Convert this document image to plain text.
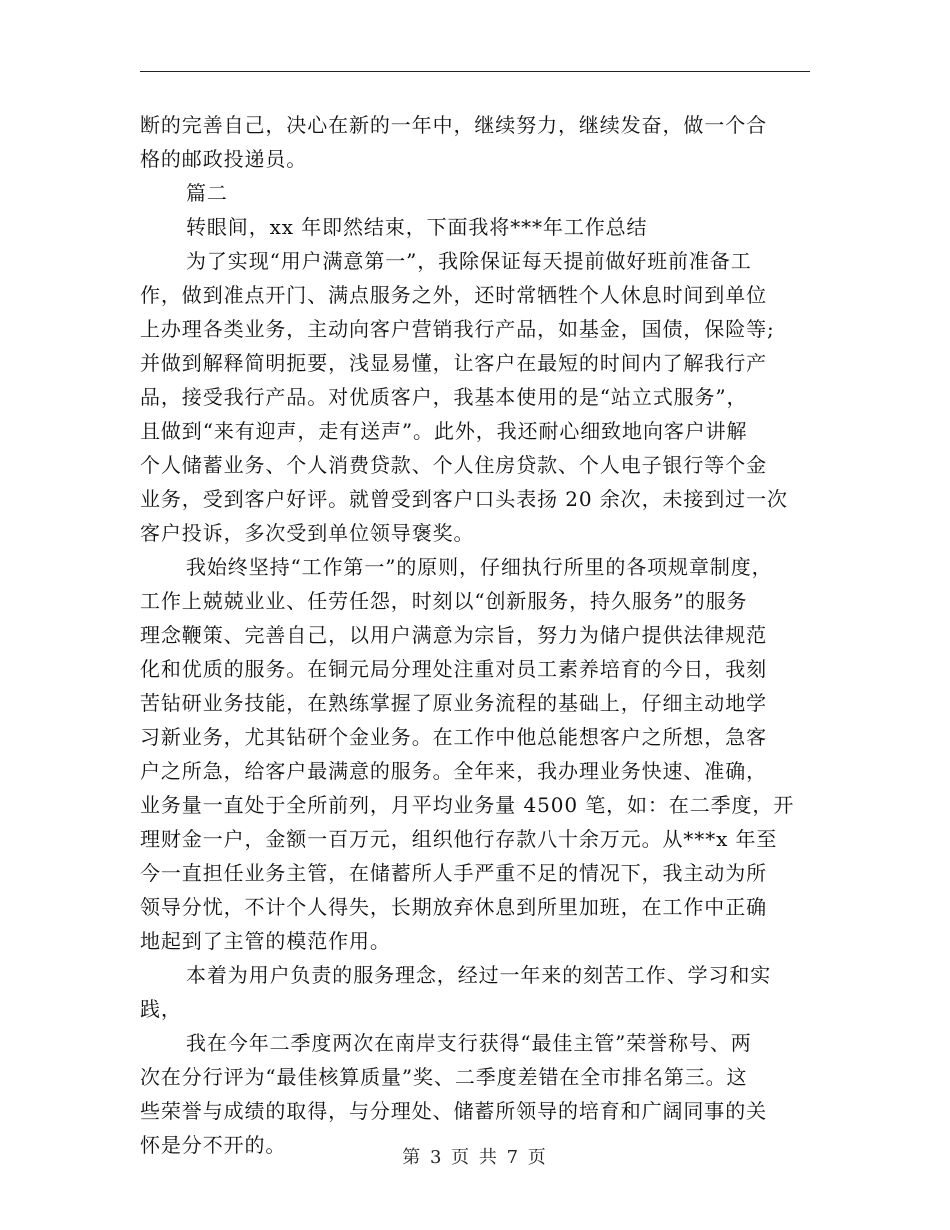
断的完善自己，决心在新的一年中，继续努力，继续发奋，做一个合
格的邮政投递员。
篇二
转眼间，xx 年即然结束，下面我将***年工作总结
为了实现“用户满意第一”，我除保证每天提前做好班前准备工
作，做到准点开门、满点服务之外，还时常牺牲个人休息时间到单位
上办理各类业务，主动向客户营销我行产品，如基金，国债，保险等;
并做到解释简明扼要，浅显易懂，让客户在最短的时间内了解我行产
品，接受我行产品。对优质客户，我基本使用的是“站立式服务”，
且做到“来有迎声，走有送声”。此外，我还耐心细致地向客户讲解
个人储蓄业务、个人消费贷款、个人住房贷款、个人电子银行等个金
业务，受到客户好评。就曾受到客户口头表扬 20 余次，未接到过一次
客户投诉，多次受到单位领导褒奖。
我始终坚持“工作第一”的原则，仔细执行所里的各项规章制度，
工作上兢兢业业、任劳任怨，时刻以“创新服务，持久服务”的服务
理念鞭策、完善自己，以用户满意为宗旨，努力为储户提供法律规范
化和优质的服务。在铜元局分理处注重对员工素养培育的今日，我刻
苦钻研业务技能，在熟练掌握了原业务流程的基础上，仔细主动地学
习新业务，尤其钻研个金业务。在工作中他总能想客户之所想，急客
户之所急，给客户最满意的服务。全年来，我办理业务快速、准确，
业务量一直处于全所前列，月平均业务量 4500 笔，如：在二季度，开
理财金一户，金额一百万元，组织他行存款八十余万元。从***x 年至
今一直担任业务主管，在储蓄所人手严重不足的情况下，我主动为所
领导分忧，不计个人得失，长期放弃休息到所里加班，在工作中正确
地起到了主管的模范作用。
本着为用户负责的服务理念，经过一年来的刻苦工作、学习和实
践，
我在今年二季度两次在南岸支行获得“最佳主管”荣誉称号、两
次在分行评为“最佳核算质量”奖、二季度差错在全市排名第三。这
些荣誉与成绩的取得，与分理处、储蓄所领导的培育和广阔同事的关
怀是分不开的。
第 3 页 共 7 页
